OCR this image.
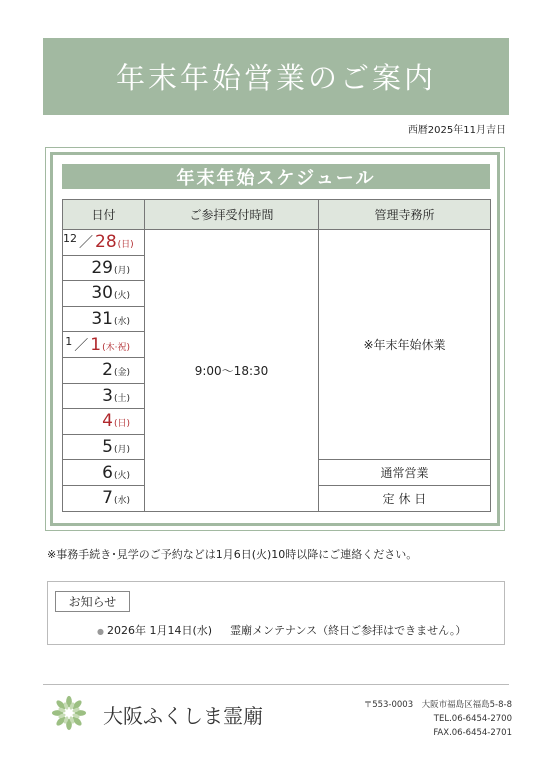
年末年始営業のご案内
西暦2025年11月吉日
年末年始スケジュール
日付	ご参拝受付時間	管理寺務所
12 ／ 28(日)	9:00〜18:30	※年末年始休業
29(月)		
30(火)		
31(水)		
1 ／ 1(木·祝)		
2(金)		
3(土)		
4(日)		
5(月)		
6(火)		通常営業
7(水)		定 休 日
※事務手続き･見学のご予約などは1月6日(火)10時以降にご連絡ください。
お知らせ
● 2026年 1月14日(水) 霊廟メンテナンス（終日ご参拝はできません。）
大阪ふくしま霊廟	〒553-0003　大阪市福島区福島5-8-8
TEL.06-6454-2700
FAX.06-6454-2701
